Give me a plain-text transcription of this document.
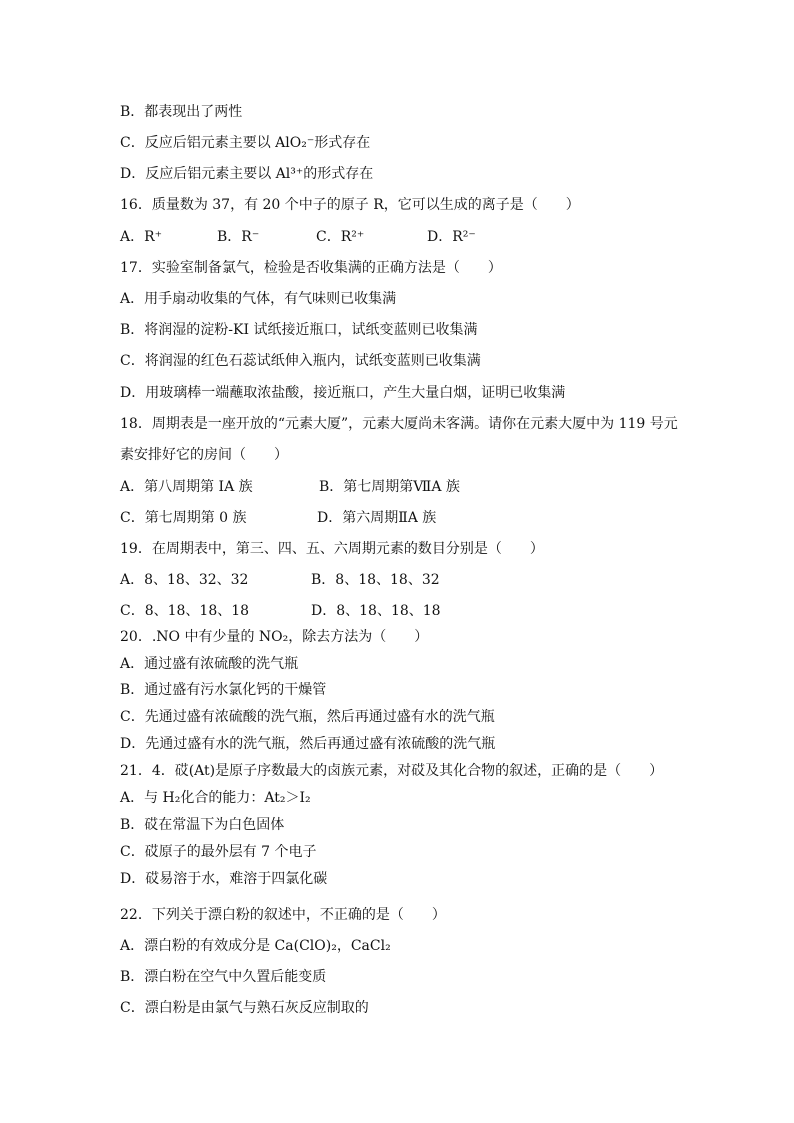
B．都表现出了两性
C．反应后铝元素主要以 AlO₂⁻形式存在
D．反应后铝元素主要以 Al³⁺的形式存在
16．质量数为 37，有 20 个中子的原子 R，它可以生成的离子是（　　）
A．R⁺	B．R⁻	C．R²⁺	D．R²⁻
17．实验室制备氯气，检验是否收集满的正确方法是（　　）
A．用手扇动收集的气体，有气味则已收集满
B．将润湿的淀粉-KI 试纸接近瓶口，试纸变蓝则已收集满
C．将润湿的红色石蕊试纸伸入瓶内，试纸变蓝则已收集满
D．用玻璃棒一端蘸取浓盐酸，接近瓶口，产生大量白烟，证明已收集满
18．周期表是一座开放的“元素大厦”，元素大厦尚未客满。请你在元素大厦中为 119 号元
素安排好它的房间（　　）
A．第八周期第 IA 族	B．第七周期第ⅦA 族
C．第七周期第 0 族	D．第六周期ⅡA 族
19．在周期表中，第三、四、五、六周期元素的数目分别是（　　）
A．8、18、32、32	B．8、18、18、32
C．8、18、18、18	D．8、18、18、18
20．.NO 中有少量的 NO₂，除去方法为（　　）
A．通过盛有浓硫酸的洗气瓶
B．通过盛有污水氯化钙的干燥管
C．先通过盛有浓硫酸的洗气瓶，然后再通过盛有水的洗气瓶
D．先通过盛有水的洗气瓶，然后再通过盛有浓硫酸的洗气瓶
21．4．砹(At)是原子序数最大的卤族元素，对砹及其化合物的叙述，正确的是（　　）
A．与 H₂化合的能力：At₂＞I₂
B．砹在常温下为白色固体
C．砹原子的最外层有 7 个电子
D．砹易溶于水，难溶于四氯化碳
22．下列关于漂白粉的叙述中，不正确的是（　　）
A．漂白粉的有效成分是 Ca(ClO)₂，CaCl₂
B．漂白粉在空气中久置后能变质
C．漂白粉是由氯气与熟石灰反应制取的
